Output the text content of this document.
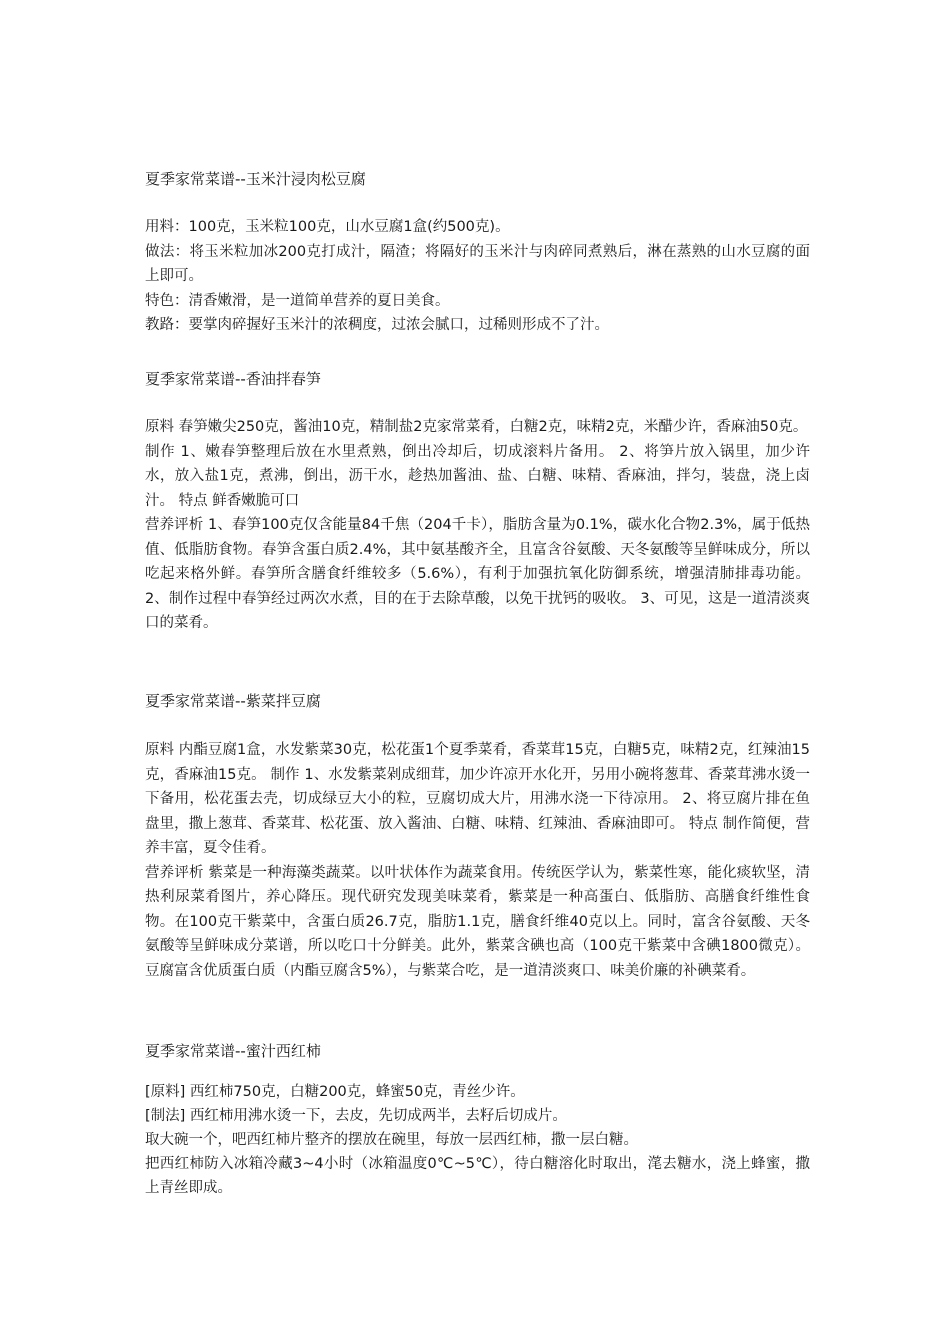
夏季家常菜谱--玉米汁浸肉松豆腐

用料：100克，玉米粒100克，山水豆腐1盒(约500克)。

做法：将玉米粒加冰200克打成汁，隔渣；将隔好的玉米汁与肉碎同煮熟后，淋在蒸熟的山水豆腐的面上即可。

特色：清香嫩滑，是一道简单营养的夏日美食。

教路：要掌肉碎握好玉米汁的浓稠度，过浓会腻口，过稀则形成不了汁。

夏季家常菜谱--香油拌春笋

原料 春笋嫩尖250克，酱油10克，精制盐2克家常菜肴，白糖2克，味精2克，米醋少许，香麻油50克。

制作 1、嫩春笋整理后放在水里煮熟，倒出冷却后，切成滚料片备用。 2、将笋片放入锅里，加少许水，放入盐1克，煮沸，倒出，沥干水，趁热加酱油、盐、白糖、味精、香麻油，拌匀，装盘，浇上卤汁。 特点 鲜香嫩脆可口

营养评析 1、春笋100克仅含能量84千焦（204千卡），脂肪含量为0.1%，碳水化合物2.3%，属于低热值、低脂肪食物。春笋含蛋白质2.4%，其中氨基酸齐全，且富含谷氨酸、天冬氨酸等呈鲜味成分，所以吃起来格外鲜。春笋所含膳食纤维较多（5.6%），有利于加强抗氧化防御系统，增强清肺排毒功能。 2、制作过程中春笋经过两次水煮，目的在于去除草酸，以免干扰钙的吸收。 3、可见，这是一道清淡爽口的菜肴。

夏季家常菜谱--紫菜拌豆腐

原料 内酯豆腐1盒，水发紫菜30克，松花蛋1个夏季菜肴，香菜茸15克，白糖5克，味精2克，红辣油15克，香麻油15克。 制作 1、水发紫菜剁成细茸，加少许凉开水化开，另用小碗将葱茸、香菜茸沸水烫一下备用，松花蛋去壳，切成绿豆大小的粒，豆腐切成大片，用沸水浇一下待凉用。 2、将豆腐片排在鱼盘里，撒上葱茸、香菜茸、松花蛋、放入酱油、白糖、味精、红辣油、香麻油即可。 特点 制作简便，营养丰富，夏令佳肴。

营养评析 紫菜是一种海藻类蔬菜。以叶状体作为蔬菜食用。传统医学认为，紫菜性寒，能化痰软坚，清热利尿菜肴图片，养心降压。现代研究发现美味菜肴，紫菜是一种高蛋白、低脂肪、高膳食纤维性食物。在100克干紫菜中，含蛋白质26.7克，脂肪1.1克，膳食纤维40克以上。同时，富含谷氨酸、天冬氨酸等呈鲜味成分菜谱，所以吃口十分鲜美。此外，紫菜含碘也高（100克干紫菜中含碘1800微克）。豆腐富含优质蛋白质（内酯豆腐含5%），与紫菜合吃，是一道清淡爽口、味美价廉的补碘菜肴。

夏季家常菜谱--蜜汁西红柿

[原料] 西红柿750克，白糖200克，蜂蜜50克，青丝少许。

[制法] 西红柿用沸水烫一下，去皮，先切成两半，去籽后切成片。

取大碗一个，吧西红柿片整齐的摆放在碗里，每放一层西红柿，撒一层白糖。

把西红柿防入冰箱冷藏3~4小时（冰箱温度0℃~5℃），待白糖溶化时取出，滗去糖水，浇上蜂蜜，撒上青丝即成。
